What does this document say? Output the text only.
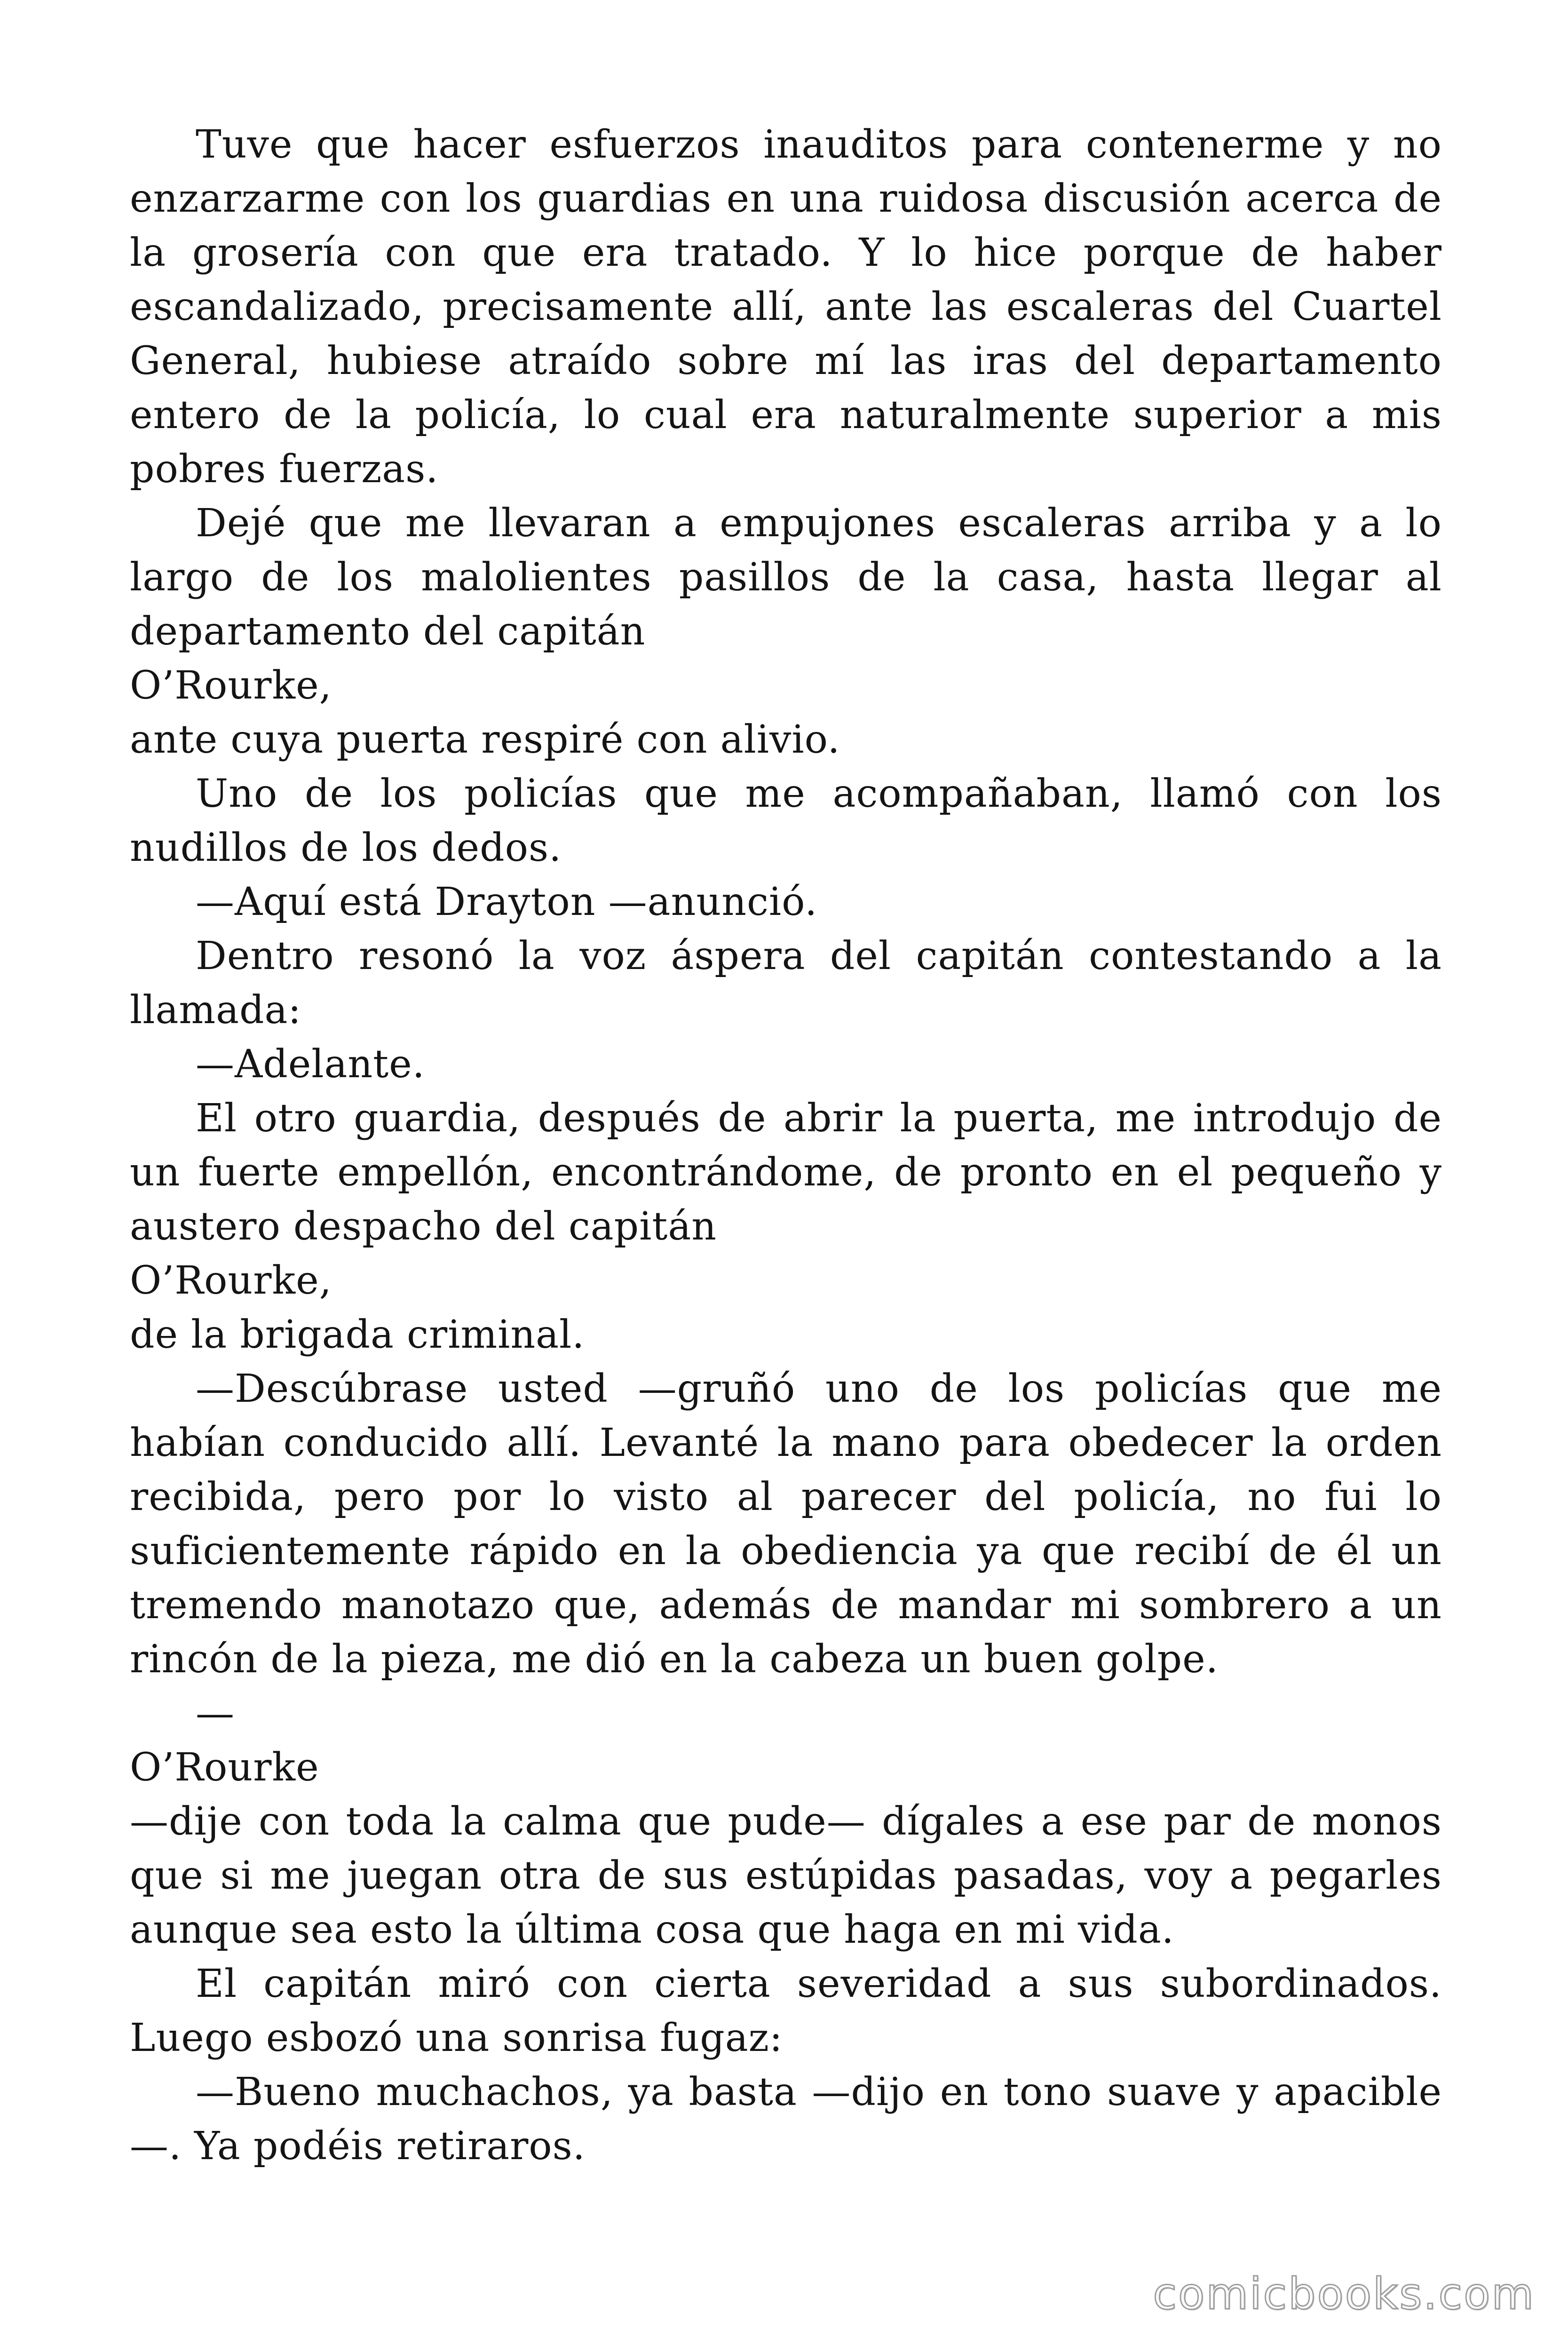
Tuve que hacer esfuerzos inauditos para contenerme y no enzarzarme con los guardias en una ruidosa discusión acerca de la grosería con que era tratado. Y lo hice porque de haber escandalizado, precisamente allí, ante las escaleras del Cuartel General, hubiese atraído sobre mí las iras del departamento entero de la policía, lo cual era naturalmente superior a mis pobres fuerzas.

Dejé que me llevaran a empujones escaleras arriba y a lo largo de los malolientes pasillos de la casa, hasta llegar al departamento del capitán

O’Rourke,

ante cuya puerta respiré con alivio.

Uno de los policías que me acompañaban, llamó con los nudillos de los dedos.

—Aquí está Drayton —anunció.

Dentro resonó la voz áspera del capitán contestando a la llamada:

—Adelante.

El otro guardia, después de abrir la puerta, me introdujo de un fuerte empellón, encontrándome, de pronto en el pequeño y austero despacho del capitán

O’Rourke,

de la brigada criminal.

—Descúbrase usted —gruñó uno de los policías que me habían conducido allí. Levanté la mano para obedecer la orden recibida, pero por lo visto al parecer del policía, no fui lo suficientemente rápido en la obediencia ya que recibí de él un tremendo manotazo que, además de mandar mi sombrero a un rincón de la pieza, me dió en la cabeza un buen golpe.

—

O’Rourke

—dije con toda la calma que pude— dígales a ese par de monos que si me juegan otra de sus estúpidas pasadas, voy a pegarles aunque sea esto la última cosa que haga en mi vida.

El capitán miró con cierta severidad a sus subordinados. Luego esbozó una sonrisa fugaz:

—Bueno muchachos, ya basta —dijo en tono suave y apacible—. Ya podéis retiraros.

comicbooks.com
